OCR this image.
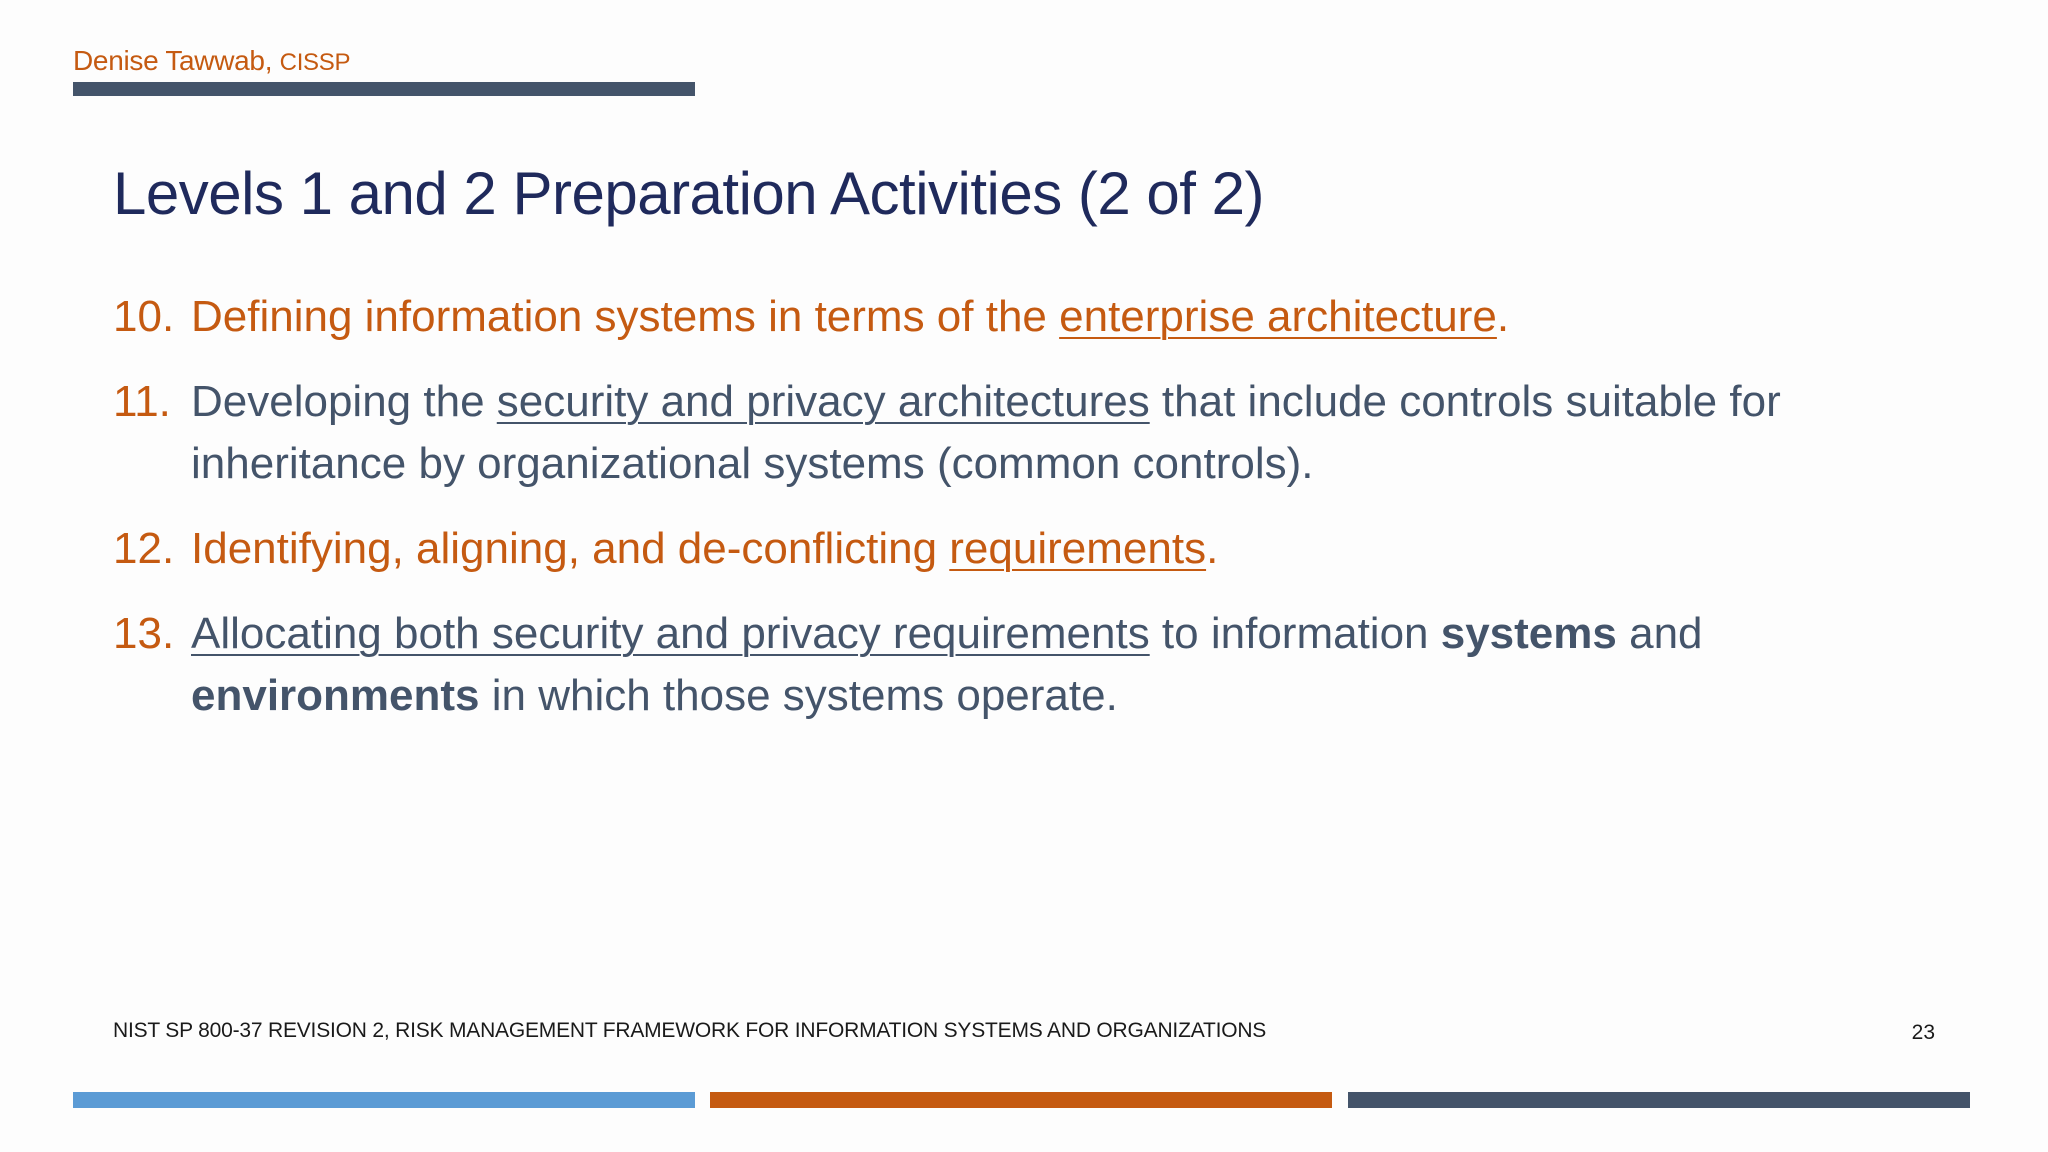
Denise Tawwab, CISSP
Levels 1 and 2 Preparation Activities (2 of 2)
10. Defining information systems in terms of the enterprise architecture.
11. Developing the security and privacy architectures that include controls suitable for
inheritance by organizational systems (common controls).
12. Identifying, aligning, and de-conflicting requirements.
13. Allocating both security and privacy requirements to information systems and
environments in which those systems operate.
NIST SP 800-37 REVISION 2, RISK MANAGEMENT FRAMEWORK FOR INFORMATION SYSTEMS AND ORGANIZATIONS	23
